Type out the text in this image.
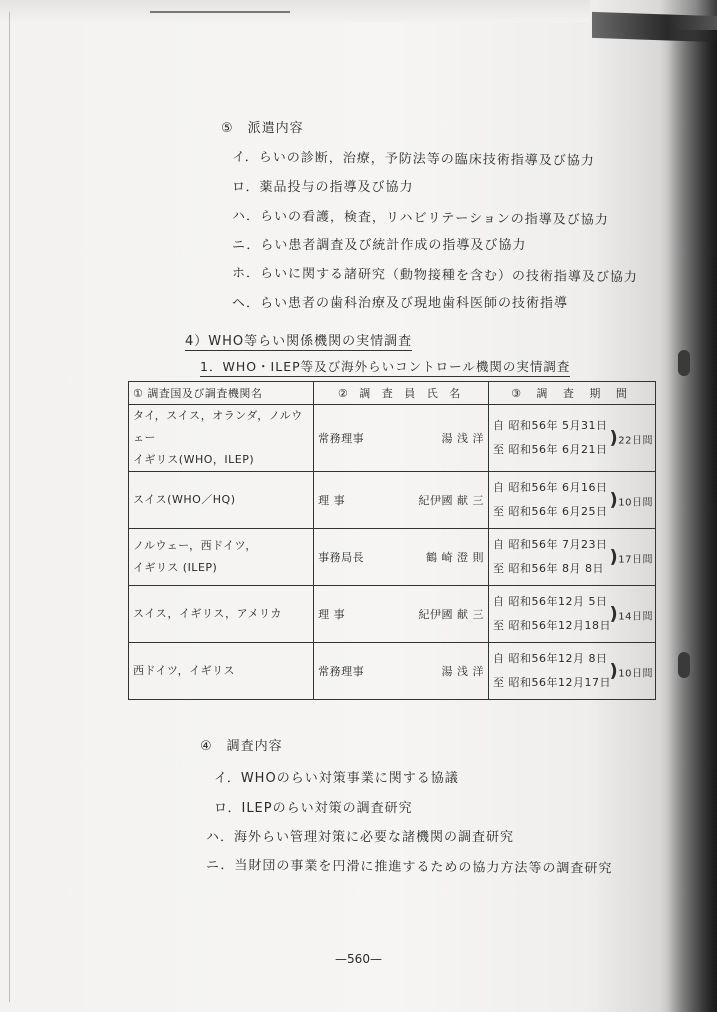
⑤　派遣内容
イ．らいの診断，治療，予防法等の臨床技術指導及び協力
ロ．薬品投与の指導及び協力
ハ．らいの看護，検査，リハビリテーションの指導及び協力
ニ．らい患者調査及び統計作成の指導及び協力
ホ．らいに関する諸研究（動物接種を含む）の技術指導及び協力
ヘ．らい患者の歯科治療及び現地歯科医師の技術指導
4）WHO等らい関係機関の実情調査
1．WHO・ILEP等及び海外らいコントロール機関の実情調査
① 調査国及び調査機関名	② 調 査 員 氏 名	③ 調 査 期 間

タイ，スイス，オランダ，ノルウェー
イギリス(WHO，ILEP)	常務理事 湯 浅 洋	自 昭和56年 5月31日
至 昭和56年 6月21日
)22日間

スイス(WHO／HQ)	理 事 紀伊國 献 三	自 昭和56年 6月16日
至 昭和56年 6月25日
)10日間

ノルウェー，西ドイツ，
イギリス (ILEP)	事務局長 鶴 崎 澄 則	自 昭和56年 7月23日
至 昭和56年 8月 8日
)17日間

スイス，イギリス，アメリカ	理 事 紀伊國 献 三	自 昭和56年12月 5日
至 昭和56年12月18日
)14日間

西ドイツ，イギリス	常務理事 湯 浅 洋	自 昭和56年12月 8日
至 昭和56年12月17日
)10日間
④　調査内容
イ．WHOのらい対策事業に関する協議
ロ．ILEPのらい対策の調査研究
ハ．海外らい管理対策に必要な諸機関の調査研究
ニ．当財団の事業を円滑に推進するための協力方法等の調査研究
—560—
